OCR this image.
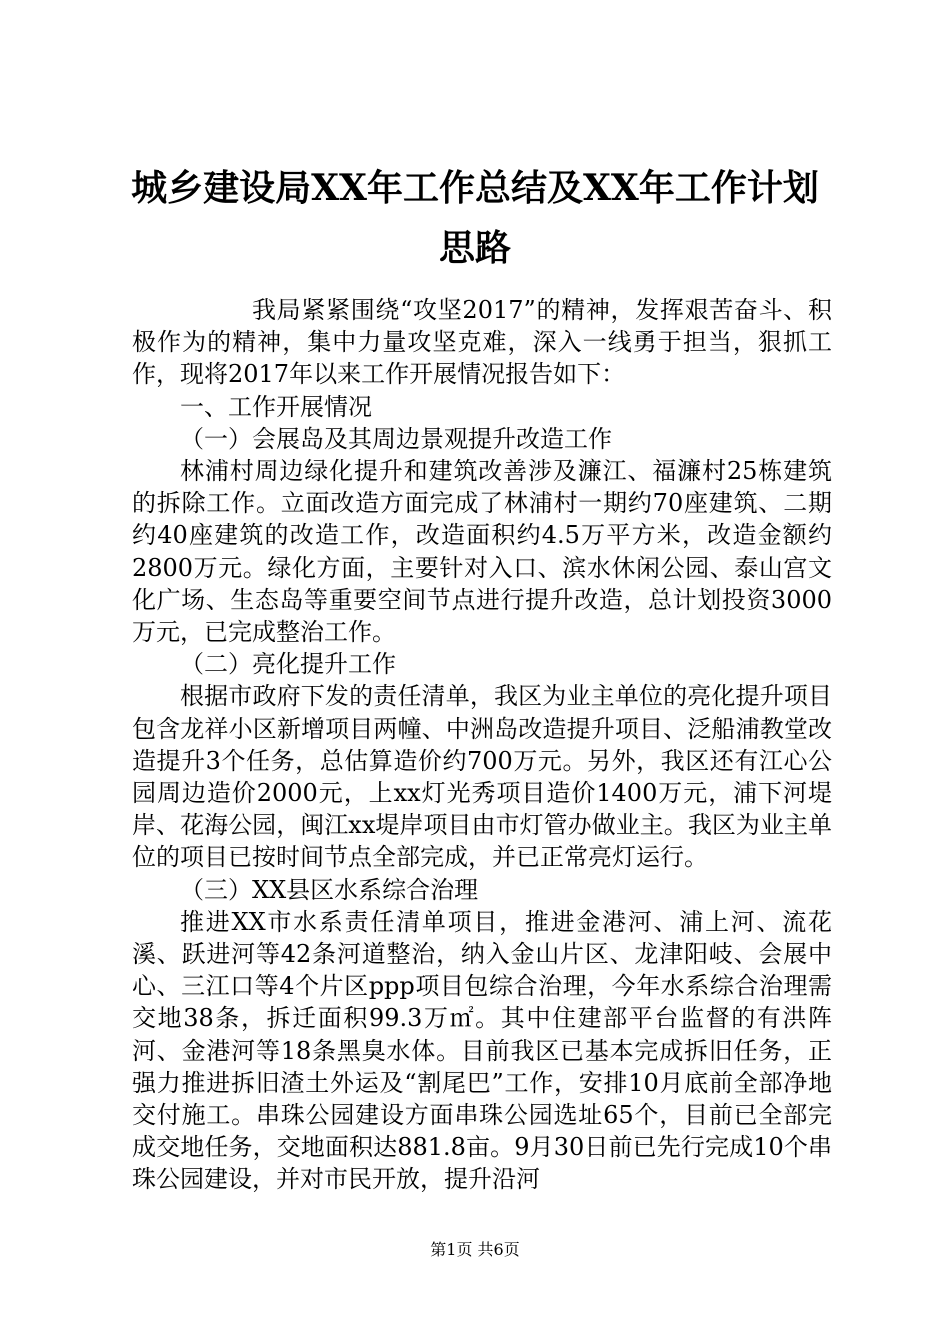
城乡建设局XX年工作总结及XX年工作计划思路

我局紧紧围绕“攻坚2017”的精神，发挥艰苦奋斗、积极作为的精神，集中力量攻坚克难，深入一线勇于担当，狠抓工作，现将2017年以来工作开展情况报告如下：

一、工作开展情况

（一）会展岛及其周边景观提升改造工作

林浦村周边绿化提升和建筑改善涉及濂江、福濂村25栋建筑的拆除工作。立面改造方面完成了林浦村一期约70座建筑、二期约40座建筑的改造工作，改造面积约4.5万平方米，改造金额约2800万元。绿化方面，主要针对入口、滨水休闲公园、泰山宫文化广场、生态岛等重要空间节点进行提升改造，总计划投资3000万元，已完成整治工作。

（二）亮化提升工作

根据市政府下发的责任清单，我区为业主单位的亮化提升项目包含龙祥小区新增项目两幢、中洲岛改造提升项目、泛船浦教堂改造提升3个任务，总估算造价约700万元。另外，我区还有江心公园周边造价2000元，上xx灯光秀项目造价1400万元，浦下河堤岸、花海公园，闽江xx堤岸项目由市灯管办做业主。我区为业主单位的项目已按时间节点全部完成，并已正常亮灯运行。

（三）XX县区水系综合治理

推进XX市水系责任清单项目，推进金港河、浦上河、流花溪、跃进河等42条河道整治，纳入金山片区、龙津阳岐、会展中心、三江口等4个片区ppp项目包综合治理，今年水系综合治理需交地38条，拆迁面积99.3万㎡。其中住建部平台监督的有洪阵河、金港河等18条黑臭水体。目前我区已基本完成拆旧任务，正强力推进拆旧渣土外运及“割尾巴”工作，安排10月底前全部净地交付施工。串珠公园建设方面串珠公园选址65个，目前已全部完成交地任务，交地面积达881.8亩。9月30日前已先行完成10个串珠公园建设，并对市民开放，提升沿河

第1页 共6页
